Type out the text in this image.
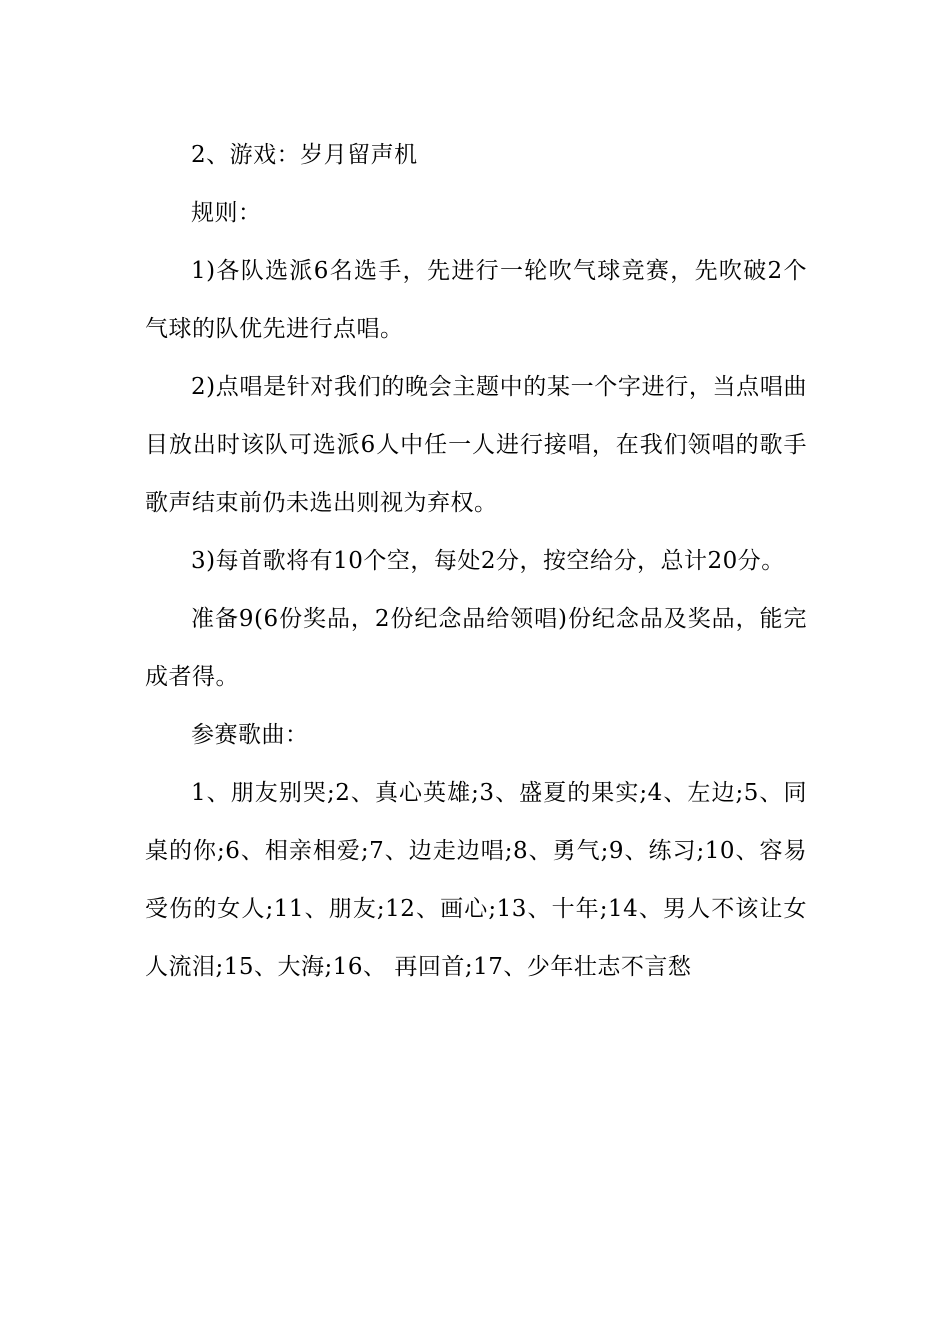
2、游戏：岁月留声机

规则：

1)各队选派6名选手，先进行一轮吹气球竞赛，先吹破2个气球的队优先进行点唱。

2)点唱是针对我们的晚会主题中的某一个字进行，当点唱曲目放出时该队可选派6人中任一人进行接唱，在我们领唱的歌手歌声结束前仍未选出则视为弃权。

3)每首歌将有10个空，每处2分，按空给分，总计20分。

准备9(6份奖品，2份纪念品给领唱)份纪念品及奖品，能完成者得。

参赛歌曲：

1、朋友别哭;2、真心英雄;3、盛夏的果实;4、左边;5、同桌的你;6、相亲相爱;7、边走边唱;8、勇气;9、练习;10、容易受伤的女人;11、朋友;12、画心;13、十年;14、男人不该让女人流泪;15、大海;16、 再回首;17、少年壮志不言愁
